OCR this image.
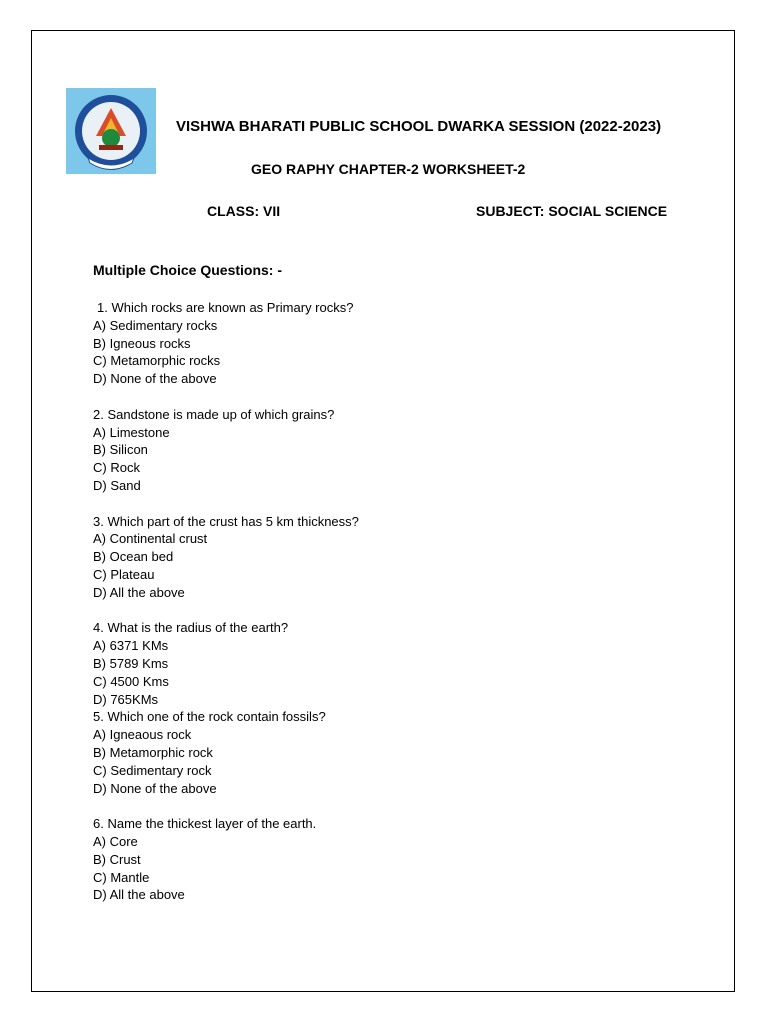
VISHWA BHARATI PUBLIC SCHOOL DWARKA SESSION (2022-2023)
GEO RAPHY CHAPTER-2 WORKSHEET-2
CLASS: VII	SUBJECT: SOCIAL SCIENCE
Multiple Choice Questions: -
1. Which rocks are known as Primary rocks?
A) Sedimentary rocks
B) Igneous rocks
C) Metamorphic rocks
D) None of the above
2. Sandstone is made up of which grains?
A) Limestone
B) Silicon
C) Rock
D) Sand
3. Which part of the crust has 5 km thickness?
A) Continental crust
B) Ocean bed
C) Plateau
D) All the above
4. What is the radius of the earth?
A) 6371 KMs
B) 5789 Kms
C) 4500 Kms
D) 765KMs
5. Which one of the rock contain fossils?
A) Igneaous rock
B) Metamorphic rock
C) Sedimentary rock
D) None of the above
6. Name the thickest layer of the earth.
A) Core
B) Crust
C) Mantle
D) All the above
